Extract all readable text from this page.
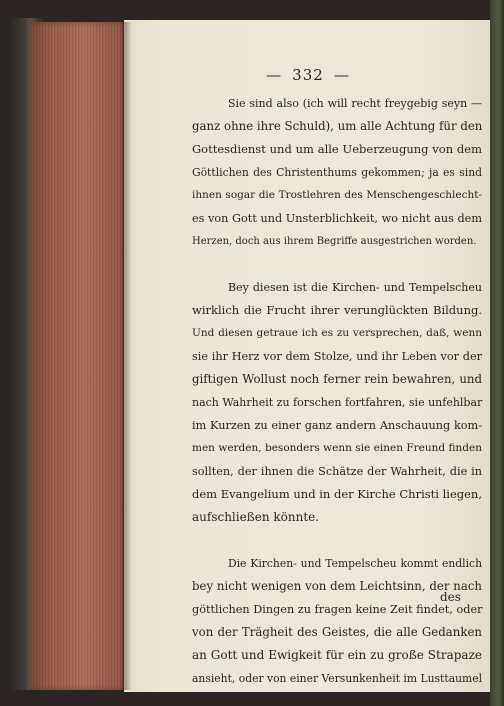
— 332 —
Sie sind also (ich will recht freygebig seyn —
ganz ohne ihre Schuld), um alle Achtung für den
Gottesdienst und um alle Ueberzeugung von dem
Göttlichen des Christenthums gekommen; ja es sind
ihnen sogar die Trostlehren des Menschengeschlecht-
es von Gott und Unsterblichkeit, wo nicht aus dem
Herzen, doch aus ihrem Begriffe ausgestrichen worden.
Bey diesen ist die Kirchen- und Tempelscheu
wirklich die Frucht ihrer verunglückten Bildung.
Und diesen getraue ich es zu versprechen, daß, wenn
sie ihr Herz vor dem Stolze, und ihr Leben vor der
giftigen Wollust noch ferner rein bewahren, und
nach Wahrheit zu forschen fortfahren, sie unfehlbar
im Kurzen zu einer ganz andern Anschauung kom-
men werden, besonders wenn sie einen Freund finden
sollten, der ihnen die Schätze der Wahrheit, die in
dem Evangelium und in der Kirche Christi liegen,
aufschließen könnte.
Die Kirchen- und Tempelscheu kommt endlich
bey nicht wenigen von dem Leichtsinn, der nach
göttlichen Dingen zu fragen keine Zeit findet, oder
von der Trägheit des Geistes, die alle Gedanken
an Gott und Ewigkeit für ein zu große Strapaze
ansieht, oder von einer Versunkenheit im Lusttaumel
des
